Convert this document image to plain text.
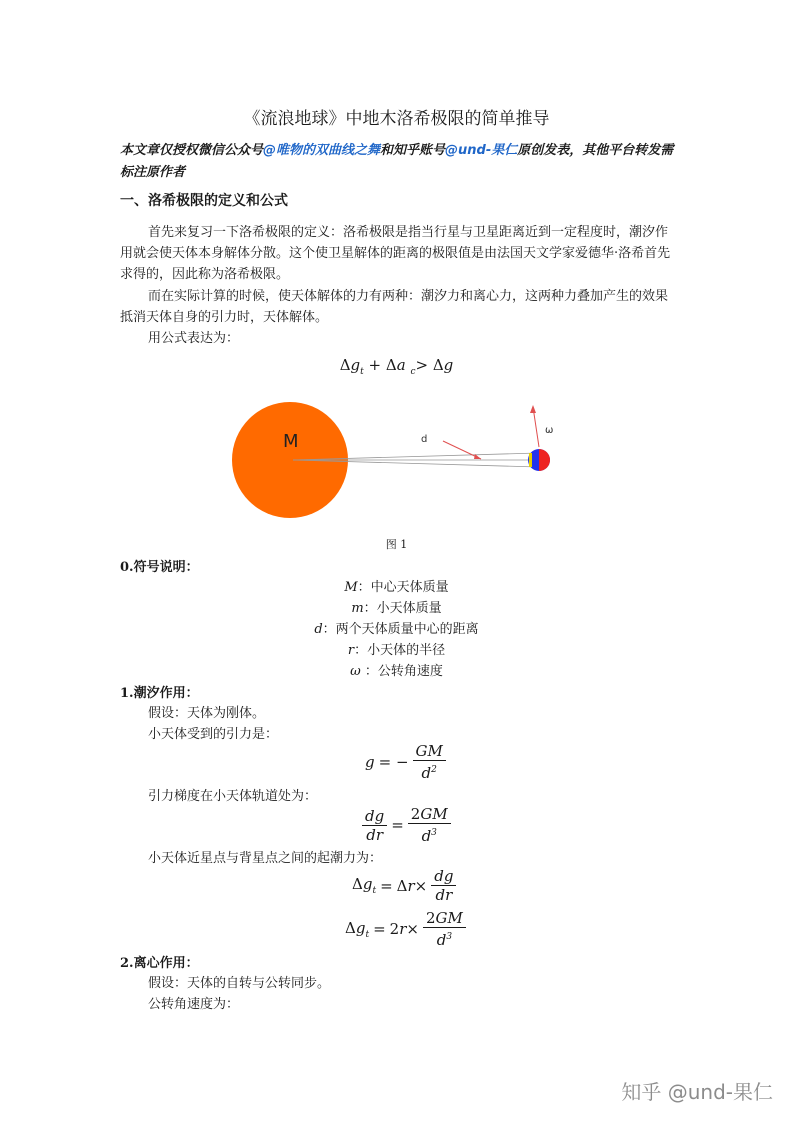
《流浪地球》中地木洛希极限的简单推导
本文章仅授权微信公众号@唯物的双曲线之舞和知乎账号@und-果仁原创发表，其他平台转发需标注原作者
一、洛希极限的定义和公式
首先来复习一下洛希极限的定义：洛希极限是指当行星与卫星距离近到一定程度时，潮汐作用就会使天体本身解体分散。这个使卫星解体的距离的极限值是由法国天文学家爱德华·洛希首先求得的，因此称为洛希极限。
而在实际计算的时候，使天体解体的力有两种：潮汐力和离心力，这两种力叠加产生的效果抵消天体自身的引力时，天体解体。
用公式表达为：
$\Delta g_t + \Delta a$ $_c$> Δg
M	d
ω
图 1
0.符号说明：
M：中心天体质量
m：小天体质量
d：两个天体质量中心的距离
r：小天体的半径
ω ：公转角速度
1.潮汐作用：
假设：天体为刚体。
小天体受到的引力是：
g = − $\frac{GM}{d^2}$
引力梯度在小天体轨道处为：
$\frac{dg}{dr} = \frac{2GM}{d^3}$
小天体近星点与背星点之间的起潮力为：
$\Delta g_t = \Delta r\times \frac{dg}{dr}$
$\Delta g_t = 2r\times \frac{2GM}{d^3}$
2.离心作用：
假设：天体的自转与公转同步。
公转角速度为：
知乎 @und-果仁
